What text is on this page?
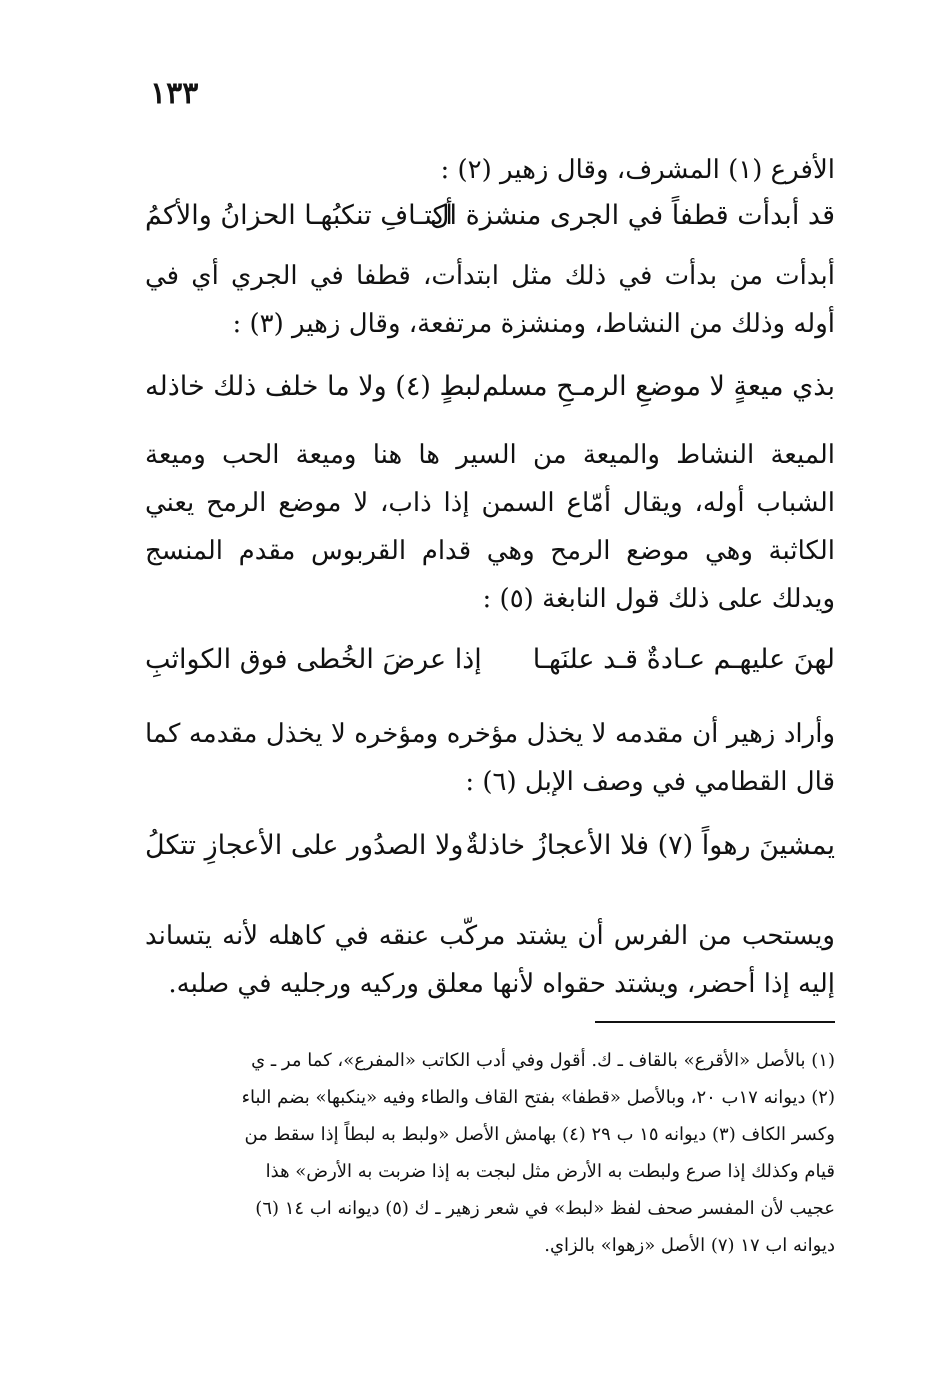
١٣٣
الأفرع (١) المشرف، وقال زهير (٢) :
قد أبدأت قطفاً في الجرى منشزة ال
أكتـافِ تنكبُهـا الحزانُ والأكمُ
أبدأت من بدأت في ذلك مثل ابتدأت، قطفا في الجري أي في أوله وذلك من النشاط، ومنشزة مرتفعة، وقال زهير (٣) :
بذي ميعةٍ لا موضعِ الرمـحِ مسلم
لبطٍ (٤) ولا ما خلف ذلك خاذله
الميعة النشاط والميعة من السير ها هنا وميعة الحب وميعة الشباب أوله، ويقال أمّاع السمن إذا ذاب، لا موضع الرمح يعني الكاثبة وهي موضع الرمح وهي قدام القربوس مقدم المنسج ويدلك على ذلك قول النابغة (٥) :
لهنَ عليهـم عـادةٌ قـد علنَهـا
إذا عرضَ الخُطى فوق الكواثبِ
وأراد زهير أن مقدمه لا يخذل مؤخره ومؤخره لا يخذل مقدمه كما قال القطامي في وصف الإبل (٦) :
يمشينَ رهواً (٧) فلا الأعجازُ خاذلةٌ
ولا الصدُور على الأعجازِ تتكلُ
ويستحب من الفرس أن يشتد مركّب عنقه في كاهله لأنه يتساند إليه إذا أحضر، ويشتد حقواه لأنها معلق وركيه ورجليه في صلبه.
(١) بالأصل «الأقرع» بالقاف ـ ك. أقول وفي أدب الكاتب «المفرع»، كما مر ـ ي
(٢) ديوانه ١٧ب ٢٠، وبالأصل «قطفا» بفتح القاف والطاء وفيه «ينكبها» بضم الباء
وكسر الكاف (٣) ديوانه ١٥ ب ٢٩ (٤) بهامش الأصل «ولبط به لبطاً إذا سقط من
قيام وكذلك إذا صرع ولبطت به الأرض مثل لبجت به إذا ضربت به الأرض» هذا
عجيب لأن المفسر صحف لفظ «لبط» في شعر زهير ـ ك (٥) ديوانه اب ١٤ (٦)
ديوانه اب ١٧ (٧) الأصل «زهوا» بالزاي.
